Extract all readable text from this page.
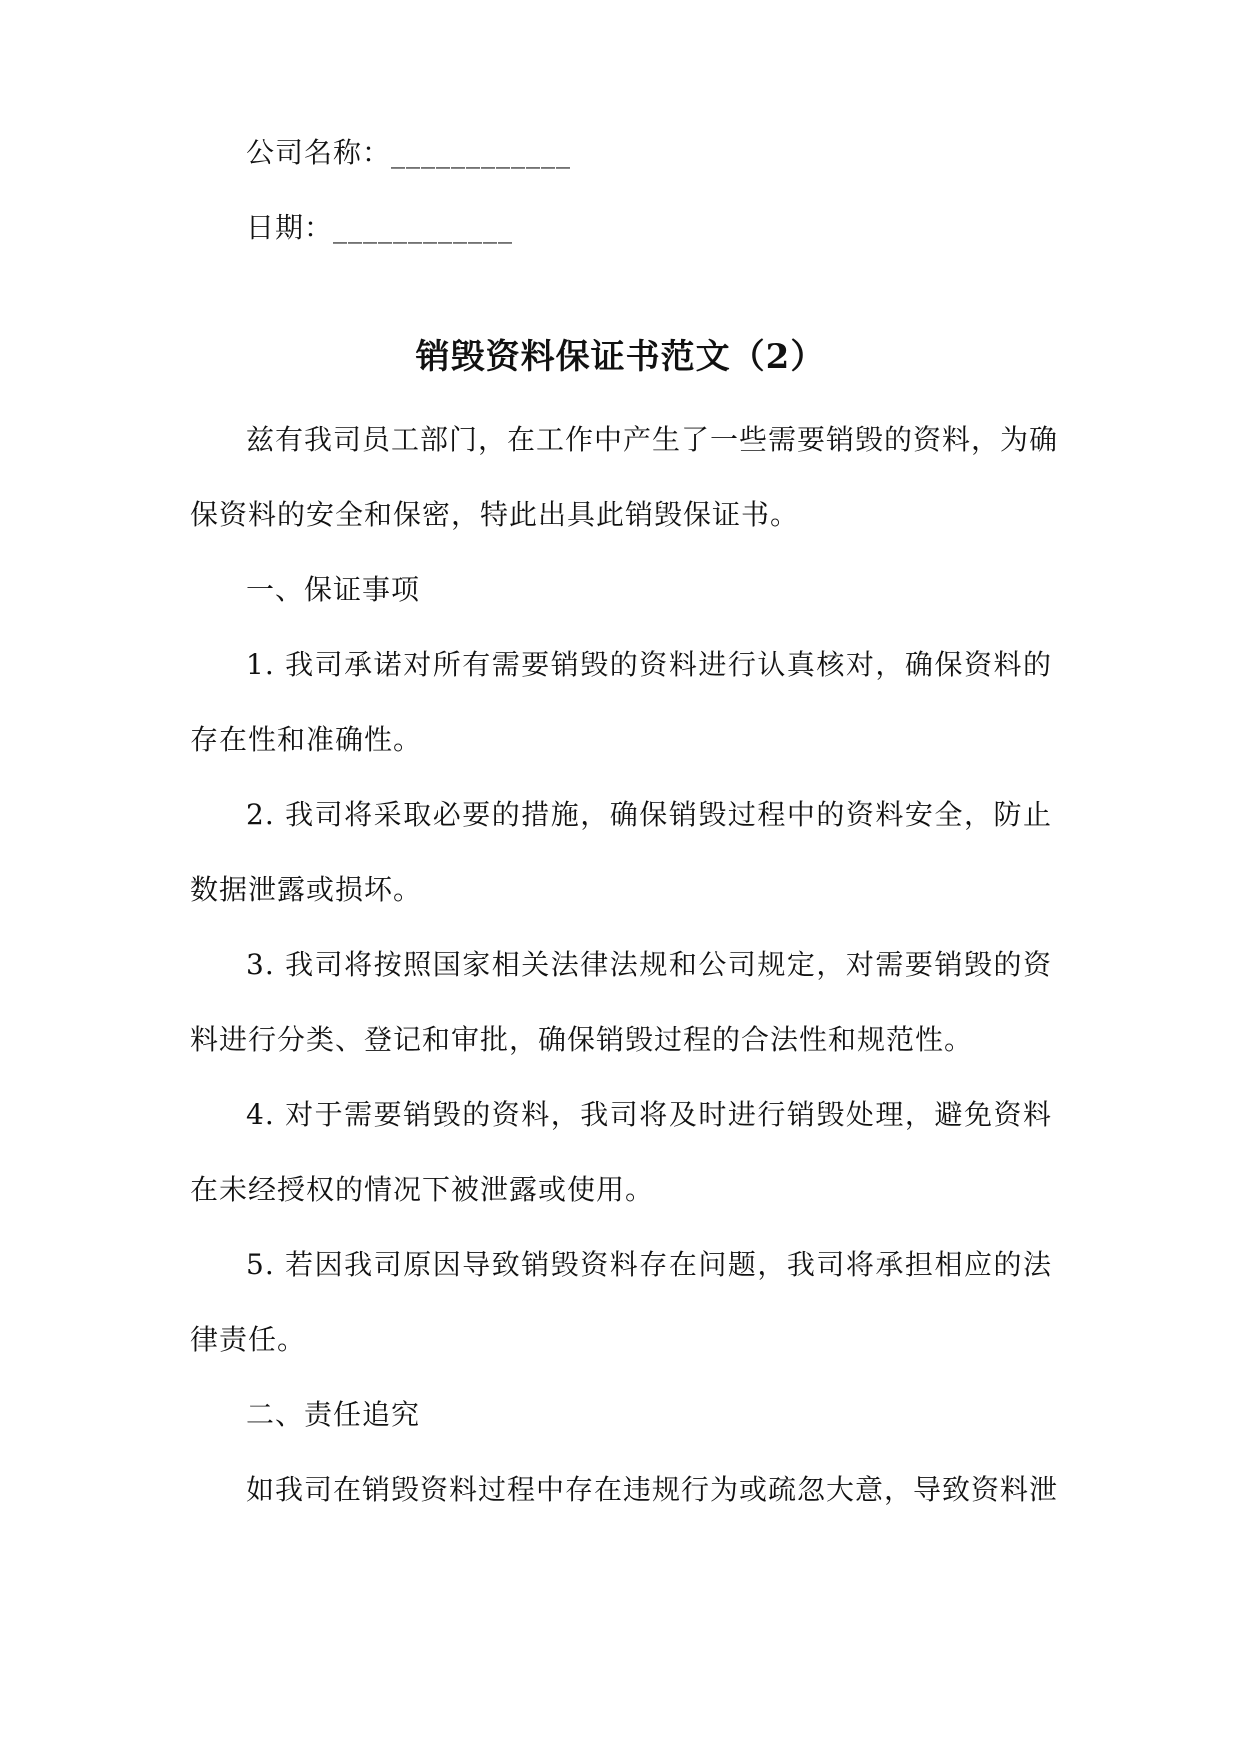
公司名称：____________
日期：____________
销毁资料保证书范文（2）
兹有我司员工部门，在工作中产生了一些需要销毁的资料，为确
保资料的安全和保密，特此出具此销毁保证书。
一、保证事项
1. 我司承诺对所有需要销毁的资料进行认真核对，确保资料的
存在性和准确性。
2. 我司将采取必要的措施，确保销毁过程中的资料安全，防止
数据泄露或损坏。
3. 我司将按照国家相关法律法规和公司规定，对需要销毁的资
料进行分类、登记和审批，确保销毁过程的合法性和规范性。
4. 对于需要销毁的资料，我司将及时进行销毁处理，避免资料
在未经授权的情况下被泄露或使用。
5. 若因我司原因导致销毁资料存在问题，我司将承担相应的法
律责任。
二、责任追究
如我司在销毁资料过程中存在违规行为或疏忽大意，导致资料泄
